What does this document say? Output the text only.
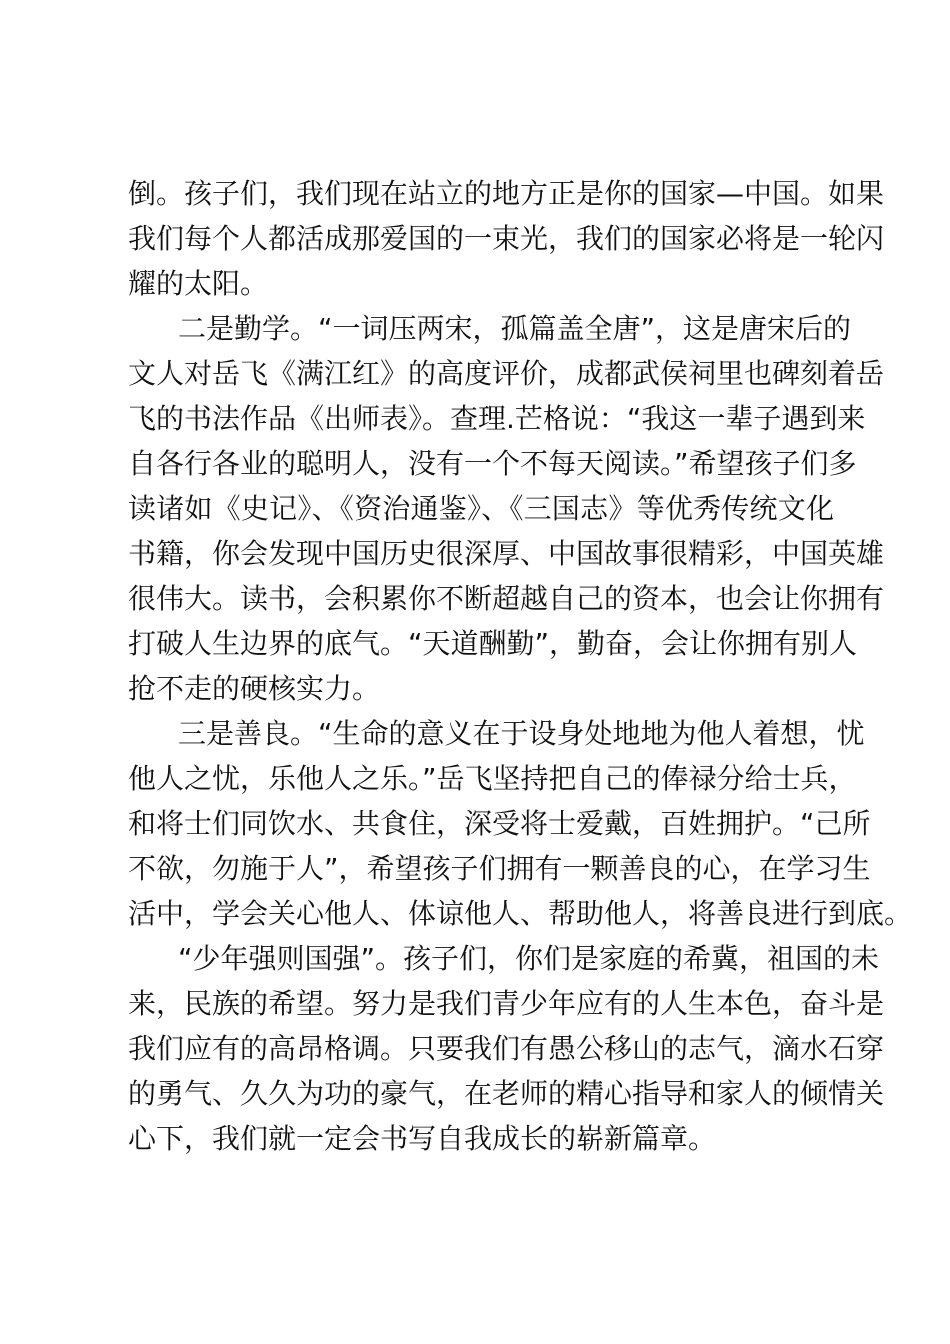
倒。孩子们，我们现在站立的地方正是你的国家—中国。如果
我们每个人都活成那爱国的一束光，我们的国家必将是一轮闪
耀的太阳。
二是勤学。“一词压两宋，孤篇盖全唐”，这是唐宋后的
文人对岳飞《满江红》的高度评价，成都武侯祠里也碑刻着岳
飞的书法作品《出师表》。查理.芒格说：“我这一辈子遇到来
自各行各业的聪明人，没有一个不每天阅读。”希望孩子们多
读诸如《史记》、《资治通鉴》、《三国志》等优秀传统文化
书籍，你会发现中国历史很深厚、中国故事很精彩，中国英雄
很伟大。读书，会积累你不断超越自己的资本，也会让你拥有
打破人生边界的底气。“天道酬勤”，勤奋，会让你拥有别人
抢不走的硬核实力。
三是善良。“生命的意义在于设身处地地为他人着想，忧
他人之忧，乐他人之乐。”岳飞坚持把自己的俸禄分给士兵，
和将士们同饮水、共食住，深受将士爱戴，百姓拥护。“己所
不欲，勿施于人”，希望孩子们拥有一颗善良的心，在学习生
活中，学会关心他人、体谅他人、帮助他人，将善良进行到底。
“少年强则国强”。孩子们，你们是家庭的希冀，祖国的未
来，民族的希望。努力是我们青少年应有的人生本色，奋斗是
我们应有的高昂格调。只要我们有愚公移山的志气，滴水石穿
的勇气、久久为功的豪气，在老师的精心指导和家人的倾情关
心下，我们就一定会书写自我成长的崭新篇章。
